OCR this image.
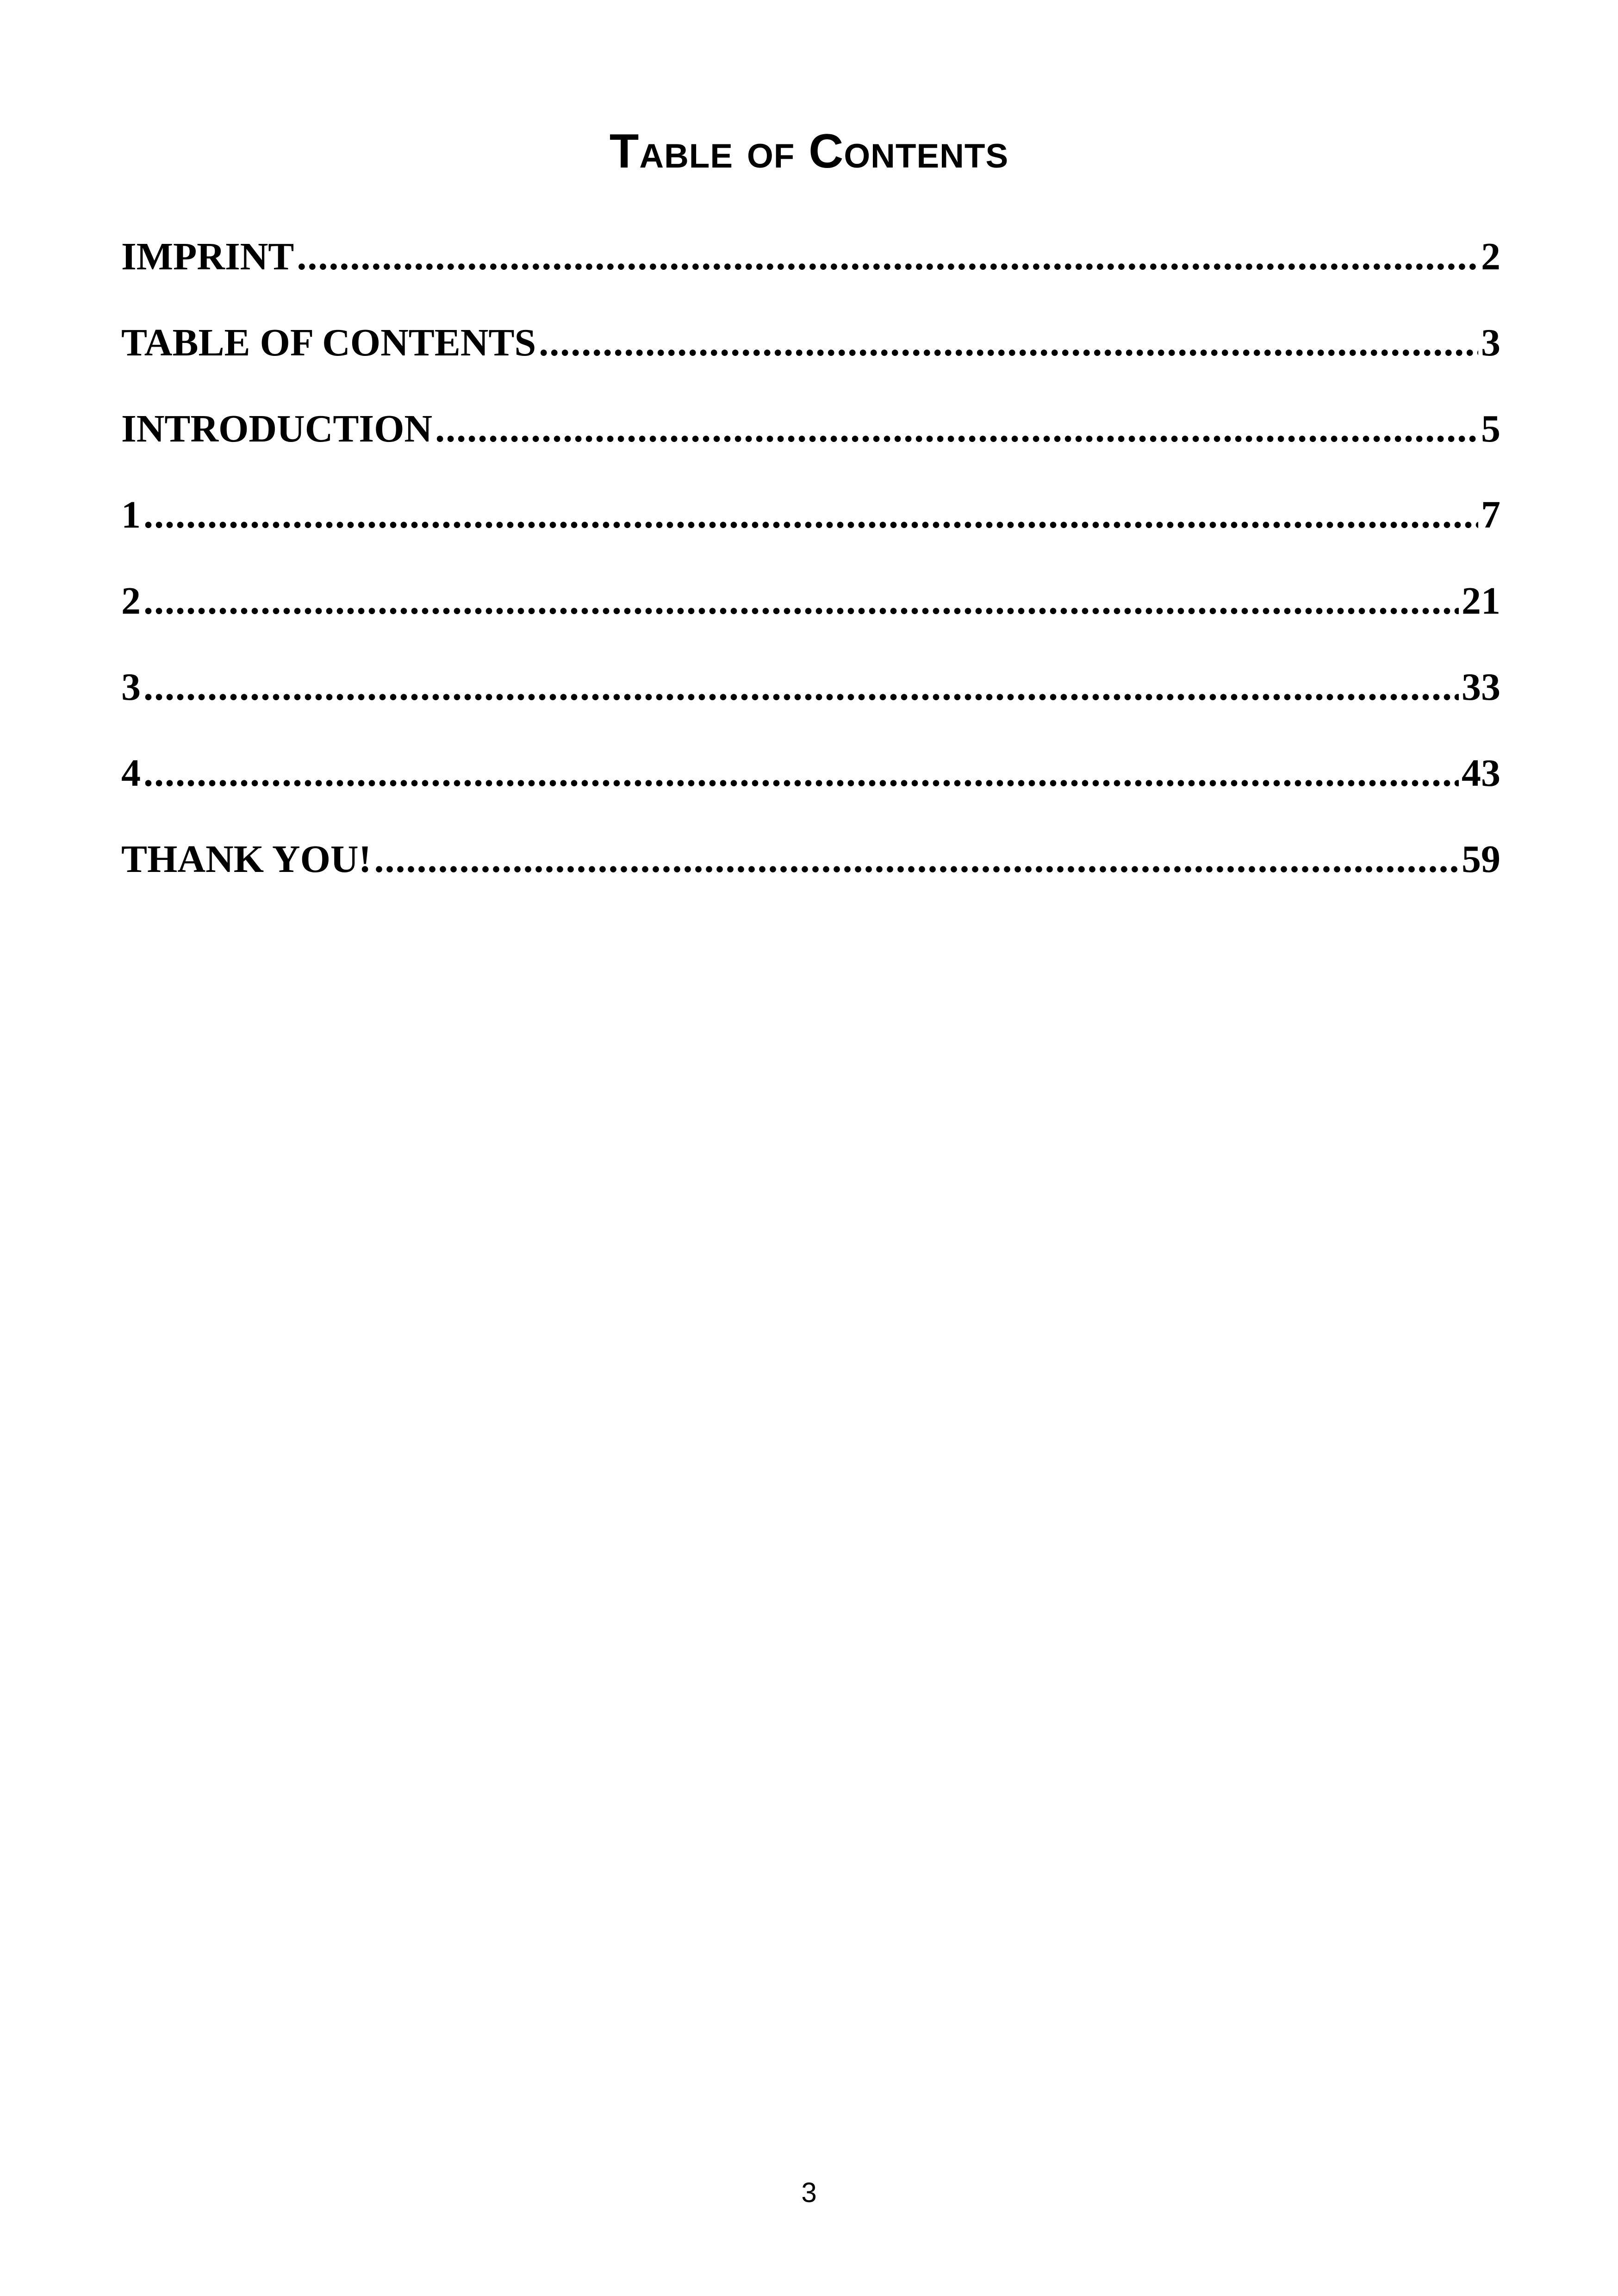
Table of Contents
IMPRINT .....	2
TABLE OF CONTENTS .....	3
INTRODUCTION .....	5
1 .....	7
2 .....	21
3 .....	33
4 .....	43
THANK YOU! .....	59
3
